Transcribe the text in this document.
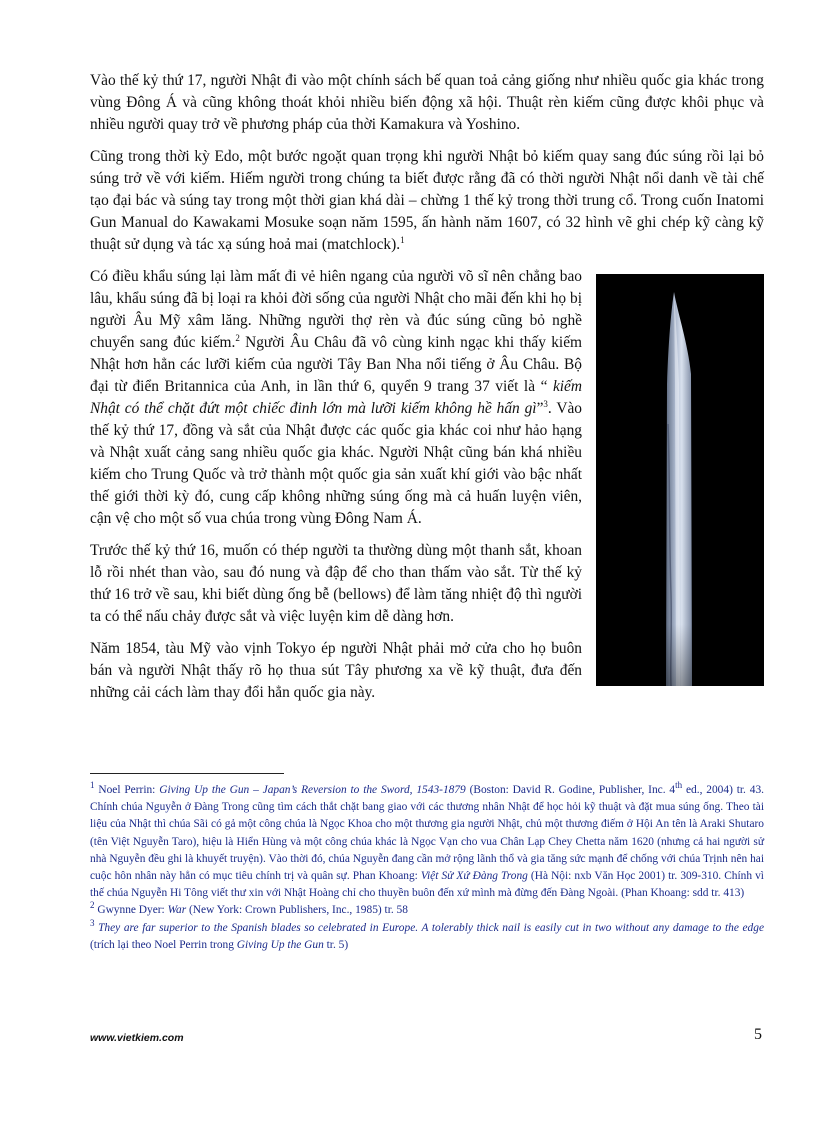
Vào thế kỷ thứ 17, người Nhật đi vào một chính sách bế quan toả cảng giống như nhiều quốc gia khác trong vùng Đông Á và cũng không thoát khỏi nhiều biến động xã hội. Thuật rèn kiếm cũng được khôi phục và nhiều người quay trở về phương pháp của thời Kamakura và Yoshino.

Cũng trong thời kỳ Edo, một bước ngoặt quan trọng khi người Nhật bỏ kiếm quay sang đúc súng rồi lại bỏ súng trở về với kiếm. Hiếm người trong chúng ta biết được rằng đã có thời người Nhật nổi danh về tài chế tạo đại bác và súng tay trong một thời gian khá dài – chừng 1 thế kỷ trong thời trung cổ. Trong cuốn Inatomi Gun Manual do Kawakami Mosuke soạn năm 1595, ấn hành năm 1607, có 32 hình vẽ ghi chép kỹ càng kỹ thuật sử dụng và tác xạ súng hoả mai (matchlock).$^1$

Có điều khẩu súng lại làm mất đi vẻ hiên ngang của người võ sĩ nên chẳng bao lâu, khẩu súng đã bị loại ra khỏi đời sống của người Nhật cho mãi đến khi họ bị người Âu Mỹ xâm lăng. Những người thợ rèn và đúc súng cũng bỏ nghề chuyển sang đúc kiếm.$^2$ Người Âu Châu đã vô cùng kinh ngạc khi thấy kiếm Nhật hơn hẳn các lưỡi kiếm của người Tây Ban Nha nổi tiếng ở Âu Châu. Bộ đại từ điển Britannica của Anh, in lần thứ 6, quyển 9 trang 37 viết là “ kiếm Nhật có thể chặt đứt một chiếc đinh lớn mà lưỡi kiếm không hề hấn gì”$^3$. Vào thế kỷ thứ 17, đồng và sắt của Nhật được các quốc gia khác coi như hảo hạng và Nhật xuất cảng sang nhiều quốc gia khác. Người Nhật cũng bán khá nhiều kiếm cho Trung Quốc và trở thành một quốc gia sản xuất khí giới vào bậc nhất thế giới thời kỳ đó, cung cấp không những súng ống mà cả huấn luyện viên, cận vệ cho một số vua chúa trong vùng Đông Nam Á.

Trước thế kỷ thứ 16, muốn có thép người ta thường dùng một thanh sắt, khoan lỗ rồi nhét than vào, sau đó nung và đập để cho than thấm vào sắt. Từ thế kỷ thứ 16 trở về sau, khi biết dùng ống bễ (bellows) để làm tăng nhiệt độ thì người ta có thể nấu chảy được sắt và việc luyện kim dễ dàng hơn.

Năm 1854, tàu Mỹ vào vịnh Tokyo ép người Nhật phải mở cửa cho họ buôn bán và người Nhật thấy rõ họ thua sút Tây phương xa về kỹ thuật, đưa đến những cải cách làm thay đổi hẳn quốc gia này.

$^1$ Noel Perrin: Giving Up the Gun – Japan’s Reversion to the Sword, 1543-1879 (Boston: David R. Godine, Publisher, Inc. 4th ed., 2004) tr. 43. Chính chúa Nguyễn ở Đàng Trong cũng tìm cách thắt chặt bang giao với các thương nhân Nhật để học hỏi kỹ thuật và đặt mua súng ống. Theo tài liệu của Nhật thì chúa Sãi có gả một công chúa là Ngọc Khoa cho một thương gia người Nhật, chủ một thương điếm ở Hội An tên là Araki Shutaro (tên Việt Nguyễn Taro), hiệu là Hiển Hùng và một công chúa khác là Ngọc Vạn cho vua Chân Lạp Chey Chetta năm 1620 (nhưng cả hai người sử nhà Nguyễn đều ghi là khuyết truyện). Vào thời đó, chúa Nguyễn đang cần mở rộng lãnh thổ và gia tăng sức mạnh để chống với chúa Trịnh nên hai cuộc hôn nhân này hẳn có mục tiêu chính trị và quân sự. Phan Khoang: Việt Sử Xứ Đàng Trong (Hà Nội: nxb Văn Học 2001) tr. 309-310. Chính vì thế chúa Nguyễn Hi Tông viết thư xin với Nhật Hoàng chỉ cho thuyền buôn đến xứ mình mà đừng đến Đàng Ngoài. (Phan Khoang: sdd tr. 413)

$^2$ Gwynne Dyer: War (New York: Crown Publishers, Inc., 1985) tr. 58

$^3$ They are far superior to the Spanish blades so celebrated in Europe. A tolerably thick nail is easily cut in two without any damage to the edge (trích lại theo Noel Perrin trong Giving Up the Gun tr. 5)

www.vietkiem.com	5
